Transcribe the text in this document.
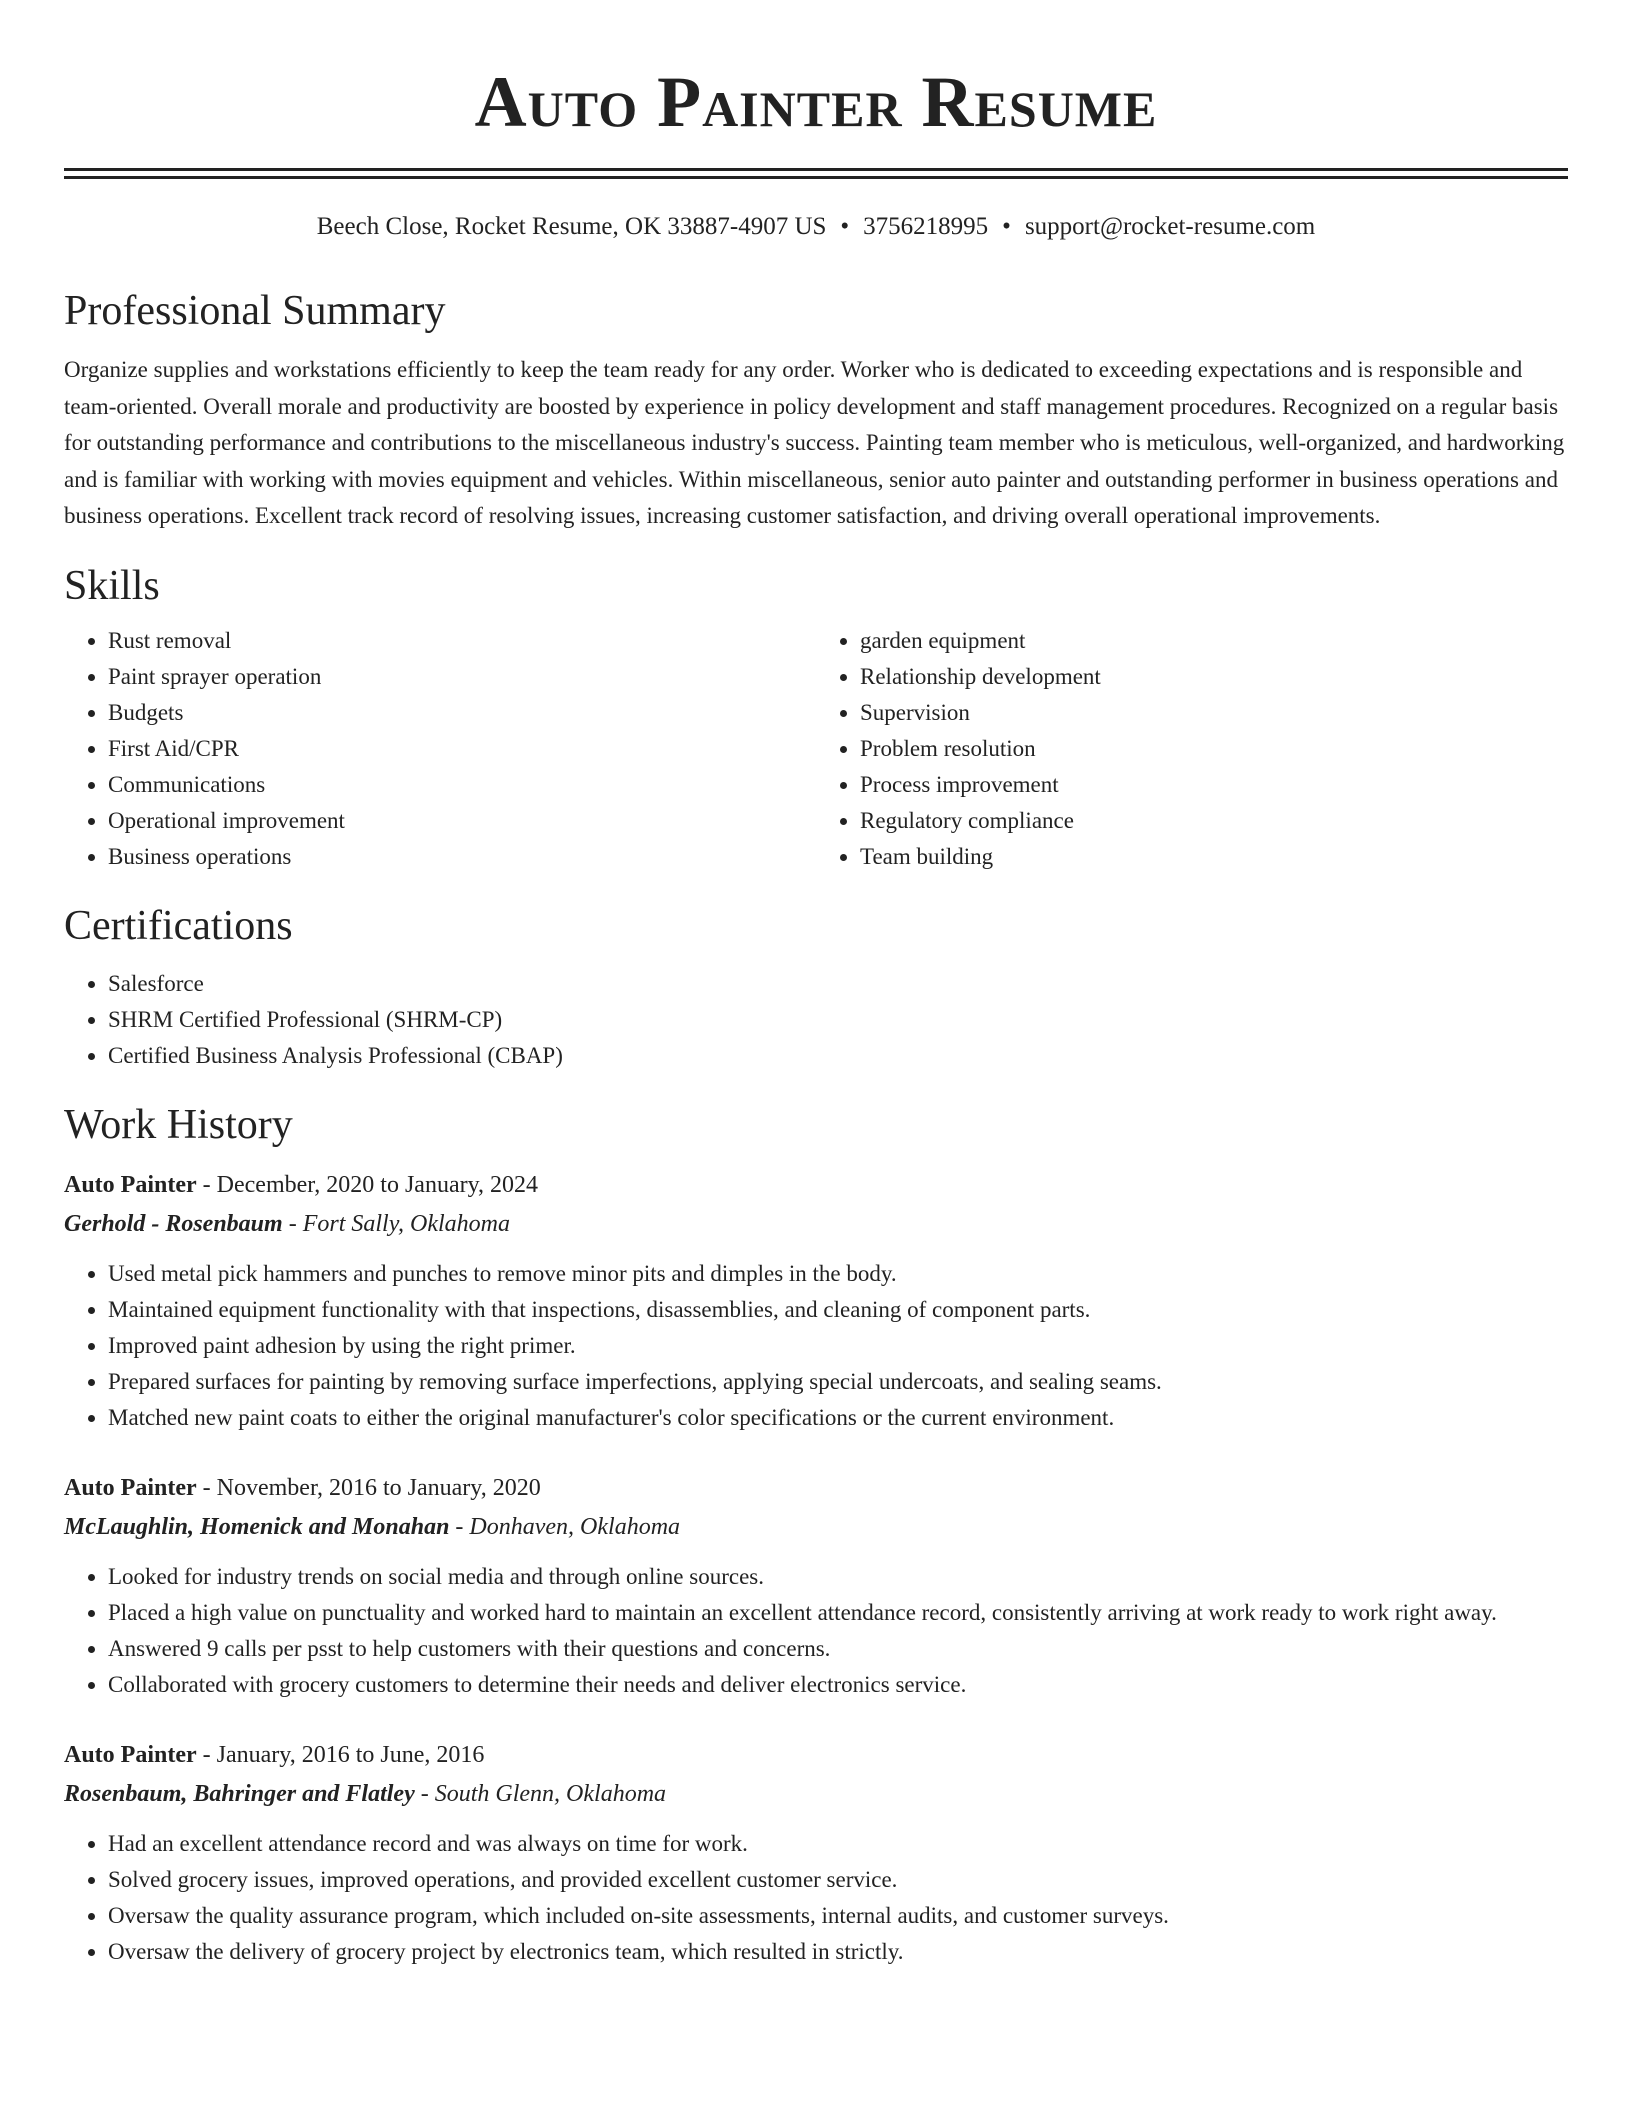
Auto Painter Resume
Beech Close, Rocket Resume, OK 33887-4907 US • 3756218995 • support@rocket-resume.com
Professional Summary

Organize supplies and workstations efficiently to keep the team ready for any order. Worker who is dedicated to exceeding expectations and is responsible and team-oriented. Overall morale and productivity are boosted by experience in policy development and staff management procedures. Recognized on a regular basis for outstanding performance and contributions to the miscellaneous industry's success. Painting team member who is meticulous, well-organized, and hardworking and is familiar with working with movies equipment and vehicles. Within miscellaneous, senior auto painter and outstanding performer in business operations and business operations. Excellent track record of resolving issues, increasing customer satisfaction, and driving overall operational improvements.

Skills
• Rust removal
• Paint sprayer operation
• Budgets
• First Aid/CPR
• Communications
• Operational improvement
• Business operations
• garden equipment
• Relationship development
• Supervision
• Problem resolution
• Process improvement
• Regulatory compliance
• Team building
Certifications
• Salesforce
• SHRM Certified Professional (SHRM-CP)
• Certified Business Analysis Professional (CBAP)
Work History
Auto Painter - December, 2020 to January, 2024
Gerhold - Rosenbaum - Fort Sally, Oklahoma
• Used metal pick hammers and punches to remove minor pits and dimples in the body.
• Maintained equipment functionality with that inspections, disassemblies, and cleaning of component parts.
• Improved paint adhesion by using the right primer.
• Prepared surfaces for painting by removing surface imperfections, applying special undercoats, and sealing seams.
• Matched new paint coats to either the original manufacturer's color specifications or the current environment.
Auto Painter - November, 2016 to January, 2020
McLaughlin, Homenick and Monahan - Donhaven, Oklahoma
• Looked for industry trends on social media and through online sources.
• Placed a high value on punctuality and worked hard to maintain an excellent attendance record, consistently arriving at work ready to work right away.
• Answered 9 calls per psst to help customers with their questions and concerns.
• Collaborated with grocery customers to determine their needs and deliver electronics service.
Auto Painter - January, 2016 to June, 2016
Rosenbaum, Bahringer and Flatley - South Glenn, Oklahoma
• Had an excellent attendance record and was always on time for work.
• Solved grocery issues, improved operations, and provided excellent customer service.
• Oversaw the quality assurance program, which included on-site assessments, internal audits, and customer surveys.
• Oversaw the delivery of grocery project by electronics team, which resulted in strictly.
